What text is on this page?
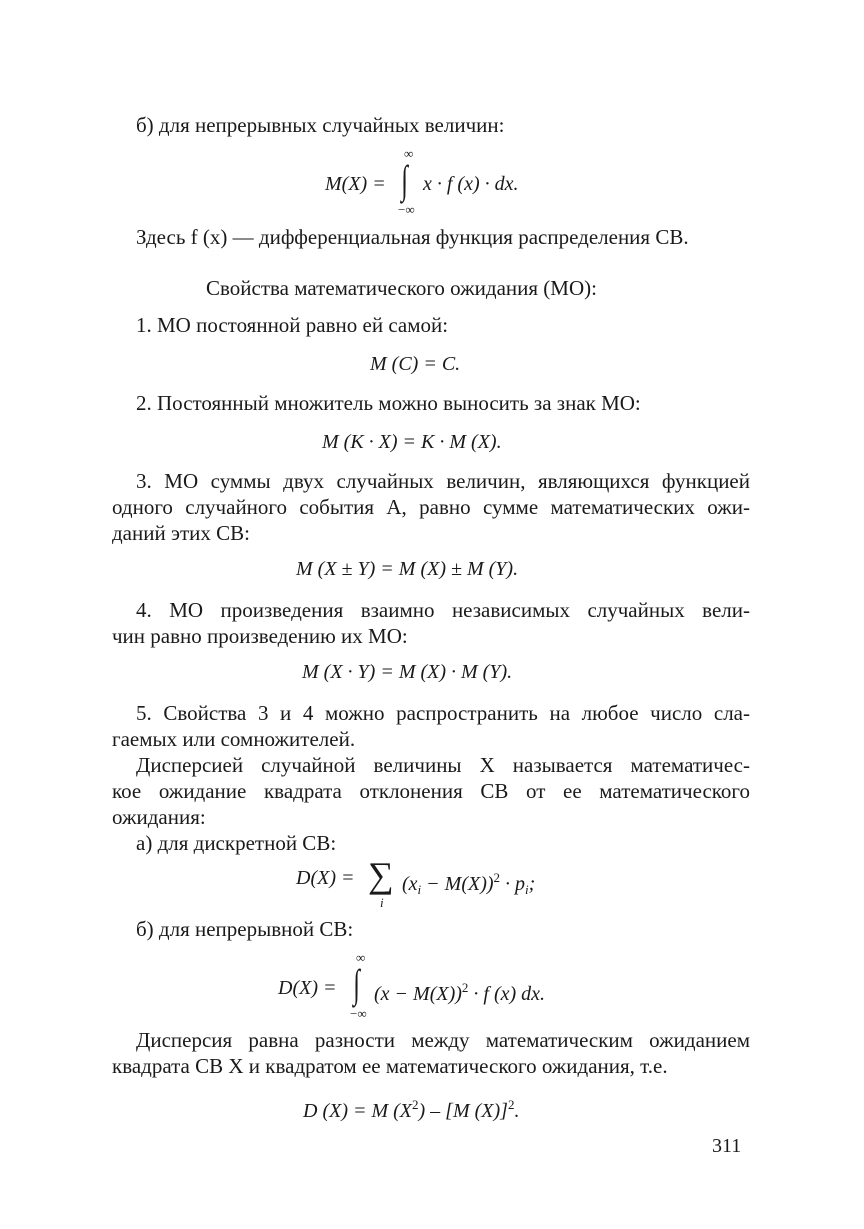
б) для непрерывных случайных величин:
M(X) = ∫
∞
−∞
x · f (x) · dx.
Здесь f (x) — дифференциальная функция распределения СВ.
Свойства математического ожидания (МО):
1. МО постоянной равно ей самой:
M (C) = C.
2. Постоянный множитель можно выносить за знак МО:
M (K · X) = K · M (X).
3. МО суммы двух случайных величин, являющихся функцией
одного случайного события A, равно сумме математических ожи-
даний этих СВ:
M (X ± Y) = M (X) ± M (Y).
4. МО произведения взаимно независимых случайных вели-
чин равно произведению их МО:
M (X · Y) = M (X) · M (Y).
5. Свойства 3 и 4 можно распространить на любое число сла-
гаемых или сомножителей.
Дисперсией случайной величины X называется математичес-
кое ожидание квадрата отклонения СВ от ее математического
ожидания:
а) для дискретной СВ:
D(X) = ∑
i
$(x_i - M(X))^2 \cdot p_i$;
б) для непрерывной СВ:
D(X) = ∫
∞
−∞
$(x - M(X))^2 \cdot f$ (x) dx.
Дисперсия равна разности между математическим ожиданием
квадрата СВ X и квадратом ее математического ожидания, т.е.
D (X) = M $(X^2) - [M$ (X)]$^2$.
311
